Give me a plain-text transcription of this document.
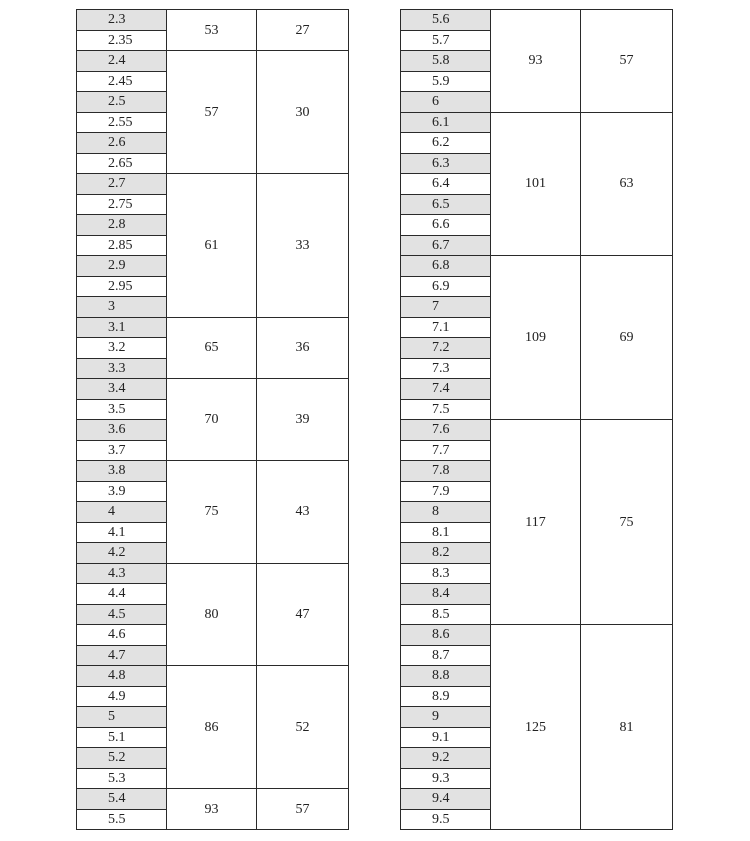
2.3	53	27
2.35		
2.4	57	30
2.45		
2.5		
2.55		
2.6		
2.65		
2.7	61	33
2.75		
2.8		
2.85		
2.9		
2.95		
3		
3.1	65	36
3.2		
3.3		
3.4	70	39
3.5		
3.6		
3.7		
3.8	75	43
3.9		
4		
4.1		
4.2		
4.3	80	47
4.4		
4.5		
4.6		
4.7		
4.8	86	52
4.9		
5		
5.1		
5.2		
5.3		
5.4	93	57
5.5		
5.6	93	57
5.7		
5.8		
5.9		
6		
6.1	101	63
6.2		
6.3		
6.4		
6.5		
6.6		
6.7		
6.8	109	69
6.9		
7		
7.1		
7.2		
7.3		
7.4		
7.5		
7.6	117	75
7.7		
7.8		
7.9		
8		
8.1		
8.2		
8.3		
8.4		
8.5		
8.6	125	81
8.7		
8.8		
8.9		
9		
9.1		
9.2		
9.3		
9.4		
9.5		
